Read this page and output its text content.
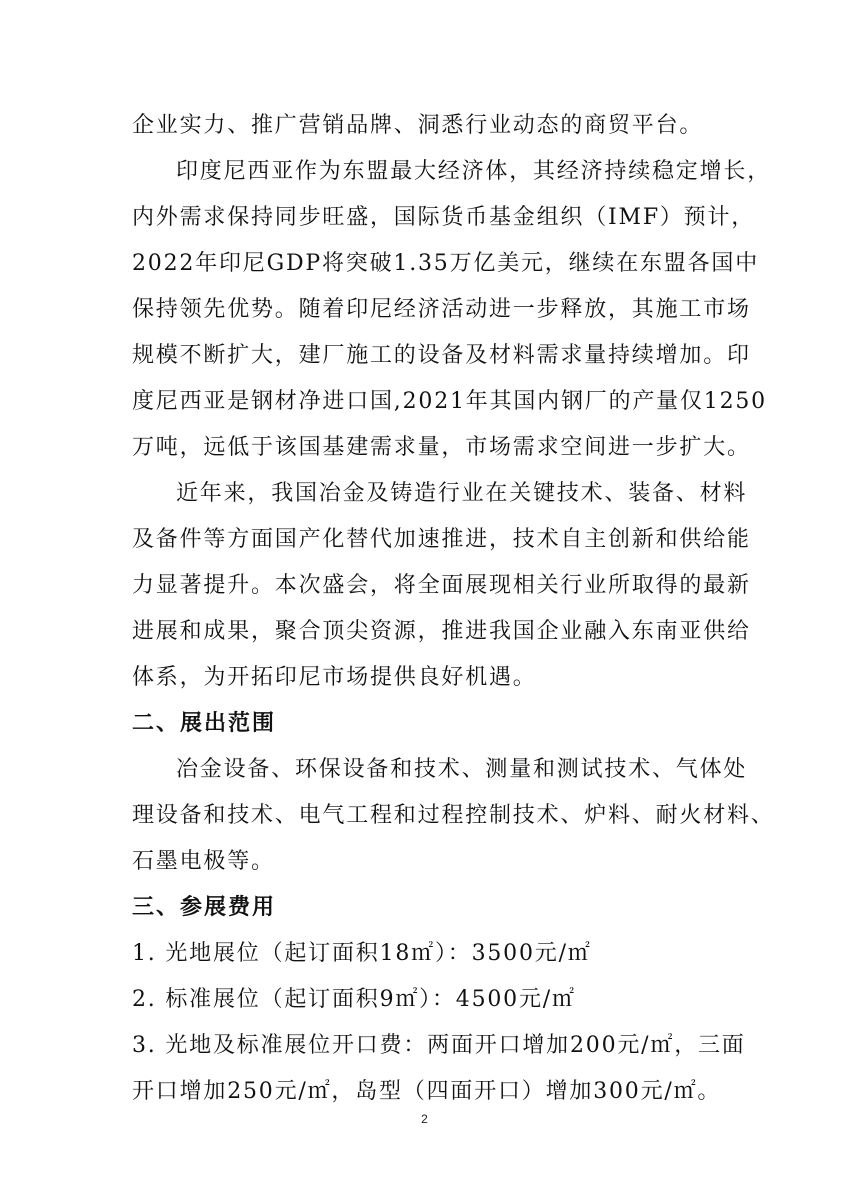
企业实力、推广营销品牌、洞悉行业动态的商贸平台。
印度尼西亚作为东盟最大经济体，其经济持续稳定增长，
内外需求保持同步旺盛，国际货币基金组织（IMF）预计，
2022年印尼GDP将突破1.35万亿美元，继续在东盟各国中
保持领先优势。随着印尼经济活动进一步释放，其施工市场
规模不断扩大，建厂施工的设备及材料需求量持续增加。印
度尼西亚是钢材净进口国,2021年其国内钢厂的产量仅1250
万吨，远低于该国基建需求量，市场需求空间进一步扩大。
近年来，我国冶金及铸造行业在关键技术、装备、材料
及备件等方面国产化替代加速推进，技术自主创新和供给能
力显著提升。本次盛会，将全面展现相关行业所取得的最新
进展和成果，聚合顶尖资源，推进我国企业融入东南亚供给
体系，为开拓印尼市场提供良好机遇。
二、展出范围
冶金设备、环保设备和技术、测量和测试技术、气体处
理设备和技术、电气工程和过程控制技术、炉料、耐火材料、
石墨电极等。
三、参展费用
1. 光地展位（起订面积18㎡）：3500元/㎡
2. 标准展位（起订面积9㎡）：4500元/㎡
3. 光地及标准展位开口费：两面开口增加200元/㎡，三面
开口增加250元/㎡，岛型（四面开口）增加300元/㎡。
2
